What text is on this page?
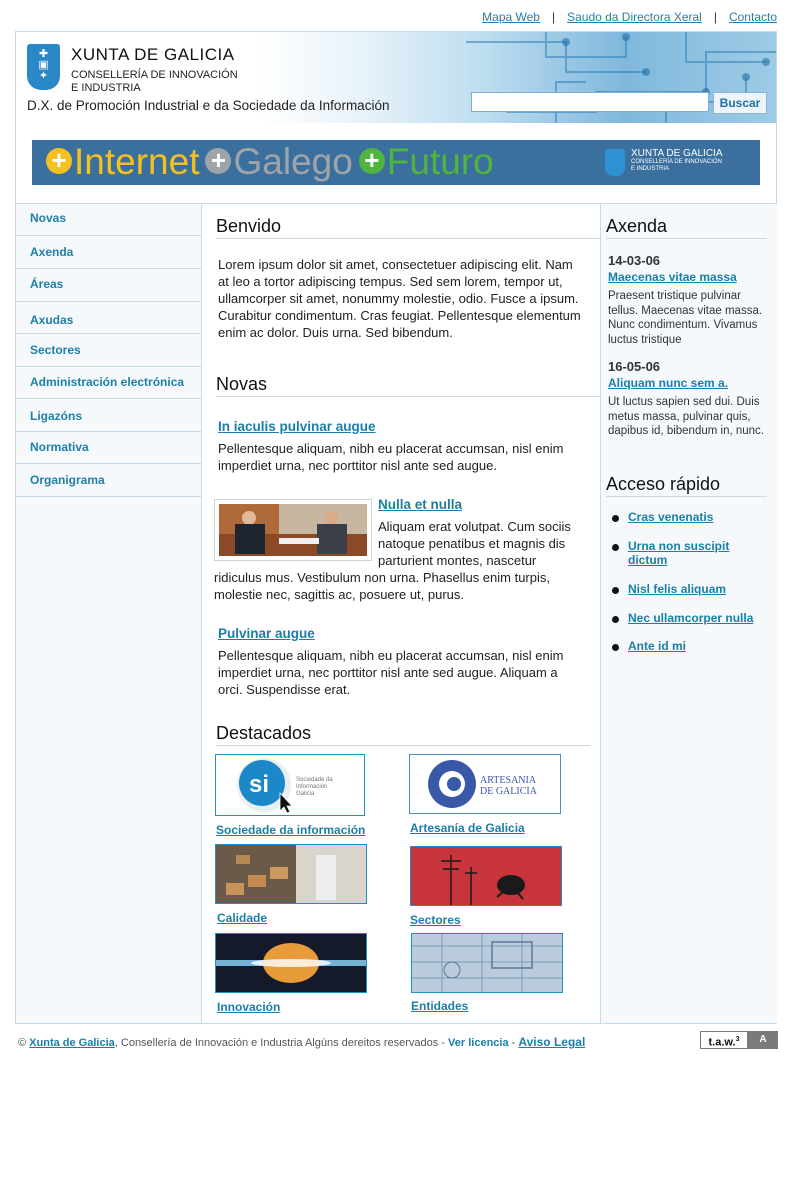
Mapa Web | Saudo da Directora Xeral | Contacto
✚
▣
✦
XUNTA DE GALICIA
CONSELLERÍA DE INNOVACIÓN
E INDUSTRIA
D.X. de Promoción Industrial e da Sociedade da Información	Buscar
+ Internet + Galego + Futuro	XUNTA DE GALICIA
CONSELLERÍA DE INNOVACIÓN
E INDUSTRIA
Novas
Axenda
Áreas
Axudas
Sectores
Administración electrónica
Ligazóns
Normativa
Organigrama
Benvido

Lorem ipsum dolor sit amet, consectetuer adipiscing elit. Nam at leo a tortor adipiscing tempus. Sed sem lorem, tempor ut, ullamcorper sit amet, nonummy molestie, odio. Fusce a ipsum. Curabitur condimentum. Cras feugiat. Pellentesque elementum enim ac dolor. Duis urna. Sed bibendum.

Novas
In iaculis pulvinar augue

Pellentesque aliquam, nibh eu placerat accumsan, nisl enim imperdiet urna, nec porttitor nisl ante sed augue.

Nulla et nulla

Aliquam erat volutpat. Cum sociis natoque penatibus et magnis dis parturient montes, nascetur ridiculus mus. Vestibulum non urna. Phasellus enim turpis, molestie nec, sagittis ac, posuere ut, purus.

Pulvinar augue

Pellentesque aliquam, nibh eu placerat accumsan, nisl enim imperdiet urna, nec porttitor nisl ante sed augue. Aliquam a orci. Suspendisse erat.

Destacados
si	Sociedade da
Información
Galicia
Sociedade da información
ARTESANIA
DE GALICIA
Artesanía de Galicia
Calidade	Sectores
Innovación	Entidades
Axenda
14-03-06
Maecenas vitae massa
Praesent tristique pulvinar tellus. Maecenas vitae massa. Nunc condimentum. Vivamus luctus tristique
16-05-06
Aliquam nunc sem a.
Ut luctus sapien sed dui. Duis metus massa, pulvinar quis, dapibus id, bibendum in, nunc.
Acceso rápido
Cras venenatis
Urna non suscipit dictum
Nisl felis aliquam
Nec ullamcorper nulla
Ante id mi
© Xunta de Galicia, Consellería de Innovación e Industria Algúns dereitos reservados - Ver licencia - Aviso Legal	t.a.w.$^3$	A
